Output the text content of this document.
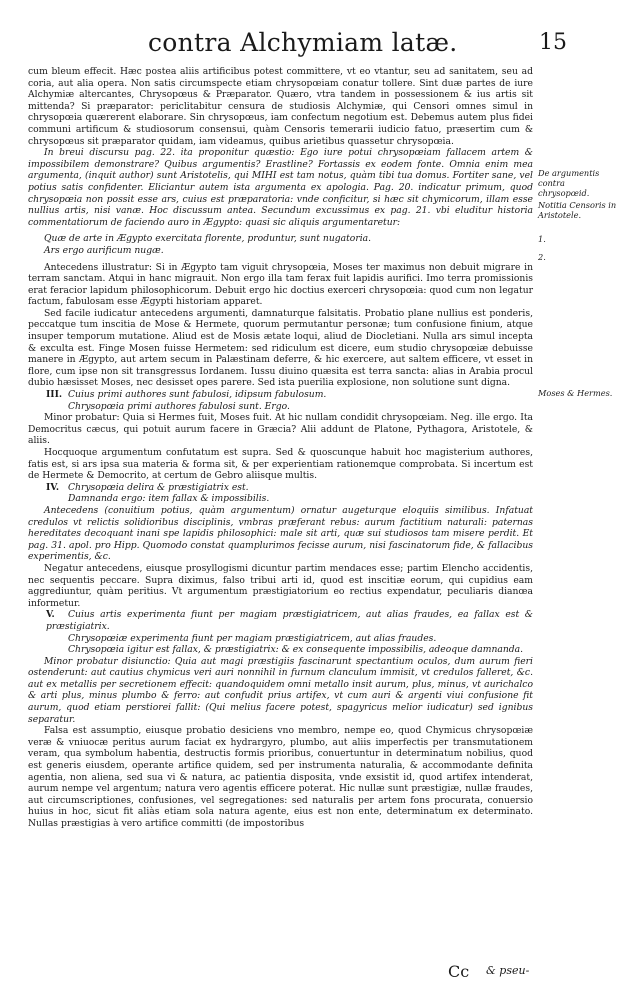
contra Alchymiam latæ.	15

cum bleum effecit. Hæc postea aliis artificibus potest committere, vt eo vtantur, seu ad sanitatem, seu ad coria, aut alia opera. Non satis circumspecte etiam chrysopœiam conatur tollere. Sint duæ partes de iure Alchymiæ altercantes, Chrysopœus & Præparator. Quæro, vtra tandem in possessionem & ius artis sit mittenda? Si præparator: periclitabitur censura de studiosis Alchymiæ, qui Censori omnes simul in chrysopœia quærerent elaborare. Sin chrysopœus, iam confectum negotium est. Debemus autem plus fidei communi artificum & studiosorum consensui, quàm Censoris temerarii iudicio fatuo, præsertim cum & chrysopœus sit præparator quidam, iam videamus, quibus arietibus quassetur chrysopœia.

In breui discursu pag. 22. ita proponitur quæstio: Ego iure potui chrysopœiam fallacem artem & impossibilem demonstrare? Quibus argumentis? Erastline? Fortassis ex eodem fonte. Omnia enim mea argumenta, (inquit author) sunt Aristotelis, qui MIHI est tam notus, quàm tibi tua domus. Fortiter sane, vel potius satis confidenter. Eliciantur autem ista argumenta ex apologia. Pag. 20. indicatur primum, quod chrysopœia non possit esse ars, cuius est præparatoria: vnde conficitur, si hæc sit chymicorum, illam esse nullius artis, nisi vanæ. Hoc discussum antea. Secundum excussimus ex pag. 21. vbi eluditur historia commentatiorum de faciendo auro in Ægypto: quasi sic aliquis argumentaretur:

Quæ de arte in Ægypto exercitata florente, produntur, sunt nugatoria.

Ars ergo aurificum nugæ.

Antecedens illustratur: Si in Ægypto tam viguit chrysopœia, Moses ter maximus non debuit migrare in terram sanctam. Atqui in hanc migrauit. Non ergo illa tam ferax fuit lapidis aurifici. Imo terra promissionis erat feracior lapidum philosophicorum. Debuit ergo hic doctius exerceri chrysopœia: quod cum non legatur factum, fabulosam esse Ægypti historiam apparet.

Sed facile iudicatur antecedens argumenti, damnaturque falsitatis. Probatio plane nullius est ponderis, peccatque tum inscitia de Mose & Hermete, quorum permutantur personæ; tum confusione finium, atque insuper temporum mutatione. Aliud est de Mosis ætate loqui, aliud de Diocletiani. Nulla ars simul incepta & exculta est. Finge Mosen fuisse Hermetem: sed ridiculum est dicere, eum studio chrysopœiæ debuisse manere in Ægypto, aut artem secum in Palæstinam deferre, & hic exercere, aut saltem efficere, vt esset in flore, cum ipse non sit transgressus Iordanem. Iussu diuino quæsita est terra sancta: alias in Arabia procul dubio hæsisset Moses, nec desisset opes parere. Sed ista puerilia explosione, non solutione sunt digna.

III. Cuius primi authores sunt fabulosi, idipsum fabulosum.
Chrysopœia primi authores fabulosi sunt. Ergo.

Minor probatur: Quia si Hermes fuit, Moses fuit. At hic nullam condidit chrysopœiam. Neg. ille ergo. Ita Democritus cæcus, qui potuit aurum facere in Græcia? Alii addunt de Platone, Pythagora, Aristotele, & aliis.

Hocquoque argumentum confutatum est supra. Sed & quoscunque habuit hoc magisterium authores, fatis est, si ars ipsa sua materia & forma sit, & per experientiam rationemque comprobata. Si incertum est de Hermete & Democrito, at certum de Gebro aliisque multis.

IV. Chrysopœia delira & præstigiatrix est.
Damnanda ergo: item fallax & impossibilis.

Antecedens (conuitium potius, quàm argumentum) ornatur augeturque eloquiis similibus. Infatuat credulos vt relictis solidioribus disciplinis, vmbras præferant rebus: aurum factitium naturali: paternas hereditates decoquant inani spe lapidis philosophici: male sit arti, quæ sui studiosos tam misere perdit. Et pag. 31. apol. pro Hipp. Quomodo constat quamplurimos fecisse aurum, nisi fascinatorum fide, & fallacibus experimentis, &c.

Negatur antecedens, eiusque prosyllogismi dicuntur partim mendaces esse; partim Elencho accidentis, nec sequentis peccare. Supra diximus, falso tribui arti id, quod est inscitiæ eorum, qui cupidius eam aggrediuntur, quàm peritius. Vt argumentum præstigiatorium eo rectius expendatur, peculiaris dianœa informetur.

V. Cuius artis experimenta fiunt per magiam præstigiatricem, aut alias fraudes, ea fallax est & præstigiatrix.
Chrysopœiæ experimenta fiunt per magiam præstigiatricem, aut alias fraudes.
Chrysopœia igitur est fallax, & præstigiatrix: & ex consequente impossibilis, adeoque damnanda.

Minor probatur disiunctio: Quia aut magi præstigiis fascinarunt spectantium oculos, dum aurum fieri ostenderunt: aut cautius chymicus veri auri nonnihil in furnum clanculum immisit, vt credulos falleret, &c. aut ex metallis per secretionem effecit: quandoquidem omni metallo insit aurum, plus, minus, vt aurichalco & arti plus, minus plumbo & ferro: aut confudit prius artifex, vt cum auri & argenti viui confusione fit aurum, quod etiam perstiorei fallit: (Qui melius facere potest, spagyricus melior iudicatur) sed ignibus separatur.

Falsa est assumptio, eiusque probatio desiciens vno membro, nempe eo, quod Chymicus chrysopœiæ veræ & vniuocæ peritus aurum faciat ex hydrargyro, plumbo, aut aliis imperfectis per transmutationem veram, qua symbolum habentia, destructis formis prioribus, conuertuntur in determinatum nobilius, quod est generis eiusdem, operante artifice quidem, sed per instrumenta naturalia, & accommodante definita agentia, non aliena, sed sua vi & natura, ac patientia disposita, vnde exsistit id, quod artifex intenderat, aurum nempe vel argentum; natura vero agentis efficere poterat. Hic nullæ sunt præstigiæ, nullæ fraudes, aut circumscriptiones, confusiones, vel segregationes: sed naturalis per artem fons procurata, conuersio huius in hoc, sicut fit aliàs etiam sola natura agente, eius est non ente, determinatum ex determinato. Nullas præstigias à vero artifice committi (de impostoribus

De argumentis contra chrysopœid.
Notitia Censoris in Aristotele.
1.
2.
Moses & Hermes.
Cc & pseu-
